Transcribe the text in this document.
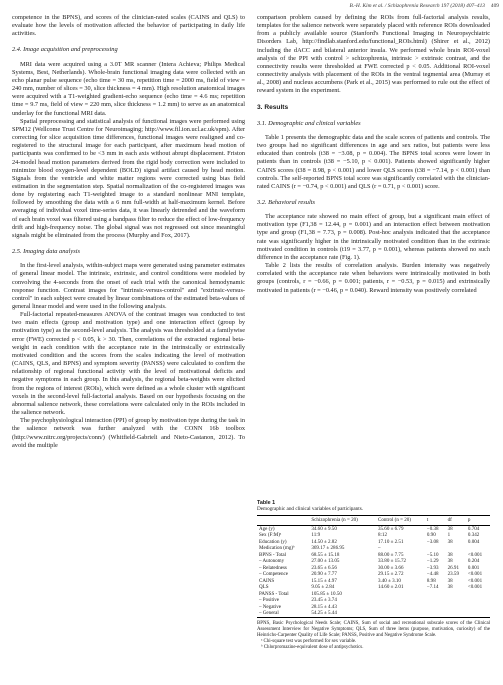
B.-H. Kim et al. / Schizophrenia Research 197 (2018) 407–413 409

competence in the BPNS), and scores of the clinician-rated scales (CAINS and QLS) to evaluate how the levels of motivation affected the behavior of participating in daily life activities.

2.4. Image acquisition and preprocessing

MRI data were acquired using a 3.0T MR scanner (Intera Achieva; Philips Medical Systems, Best, Netherlands). Whole-brain functional imaging data were collected with an echo planar pulse sequence (echo time = 30 ms, repetition time = 2000 ms, field of view = 240 mm, number of slices = 30, slice thickness = 4 mm). High resolution anatomical images were acquired with a T1-weighted gradient-echo sequence (echo time = 4.6 ms; repetition time = 9.7 ms, field of view = 220 mm, slice thickness = 1.2 mm) to serve as an anatomical underlay for the functional MRI data.

Spatial preprocessing and statistical analysis of functional images were performed using SPM12 (Wellcome Trust Centre for Neuroimaging; http://www.fil.ion.ucl.ac.uk/spm). After correcting for slice acquisition time differences, functional images were realigned and co-registered to the structural image for each participant, after maximum head motion of participants was confirmed to be <3 mm in each axis without abrupt displacement. Friston 24-model head motion parameters derived from the rigid body correction were included to minimize blood oxygen-level dependent (BOLD) signal artifact caused by head motion. Signals from the ventricle and white matter regions were corrected using bias field estimation in the segmentation step. Spatial normalization of the co-registered images was done by registering each T1-weighted image to a standard nonlinear MNI template, followed by smoothing the data with a 6 mm full-width at half-maximum kernel. Before averaging of individual voxel time-series data, it was linearly detrended and the waveform of each brain voxel was filtered using a bandpass filter to reduce the effect of low-frequency drift and high-frequency noise. The global signal was not regressed out since meaningful signals might be eliminated from the process (Murphy and Fox, 2017).

2.5. Imaging data analysis

In the first-level analysis, within-subject maps were generated using parameter estimates of general linear model. The intrinsic, extrinsic, and control conditions were modeled by convolving the 4-seconds from the onset of each trial with the canonical hemodynamic response function. Contrast images for "intrinsic-versus-control" and "extrinsic-versus-control" in each subject were created by linear combinations of the estimated beta-values of general linear model and were used in the following analysis.

Full-factorial repeated-measures ANOVA of the contrast images was conducted to test two main effects (group and motivation type) and one interaction effect (group by motivation type) as the second-level analysis. The analysis was thresholded at a familywise error (FWE) corrected p < 0.05, k > 30. Then, correlations of the extracted regional beta-weight in each condition with the acceptance rate in the intrinsically or extrinsically motivated condition and the scores from the scales indicating the level of motivation (CAINS, QLS, and BPNS) and symptom severity (PANSS) were calculated to confirm the relationship of regional functional activity with the level of motivational deficits and negative symptoms in each group. In this analysis, the regional beta-weights were elicited from the regions of interest (ROIs), which were defined as a whole cluster with significant voxels in the second-level full-factorial analysis. Based on our hypothesis focusing on the abnormal salience network, these correlations were calculated only in the ROIs included in the salience network.

The psychophysiological interaction (PPI) of group by motivation type during the task in the salience network was further analyzed with the CONN 16b toolbox (http://www.nitrc.org/projects/conn/) (Whitfield-Gabrieli and Nieto-Castanon, 2012). To avoid the multiple

comparison problem caused by defining the ROIs from full-factorial analysis results, templates for the salience network were separately placed with reference ROIs downloaded from a publicly available source (Stanford's Functional Imaging in Neuropsychiatric Disorders Lab, http://findlab.stanford.edu/functional_ROIs.html) (Shirer et al., 2012) including the dACC and bilateral anterior insula. We performed whole brain ROI-voxel analysis of the PPI with control > schizophrenia, intrinsic > extrinsic contrast, and the connectivity results were thresholded at FWE corrected p < 0.05. Additional ROI-voxel connectivity analysis with placement of the ROIs in the ventral tegmental area (Murray et al., 2008) and nucleus accumbens (Park et al., 2015) was performed to rule out the effect of reward system in the experiment.

3. Results
3.1. Demographic and clinical variables

Table 1 presents the demographic data and the scale scores of patients and controls. The two groups had no significant differences in age and sex ratios, but patients were less educated than controls (t38 = −3.08, p = 0.004). The BPNS total scores were lower in patients than in controls (t38 = −5.10, p < 0.001). Patients showed significantly higher CAINS scores (t38 = 8.98, p < 0.001) and lower QLS scores (t38 = −7.14, p < 0.001) than controls. The self-reported BPNS total score was significantly correlated with the clinician-rated CAINS (r = −0.74, p < 0.001) and QLS (r = 0.71, p < 0.001) score.

3.2. Behavioral results

The acceptance rate showed no main effect of group, but a significant main effect of motivation type (F1,38 = 12.44, p = 0.001) and an interaction effect between motivation type and group (F1,38 = 7.73, p = 0.008). Post-hoc analysis indicated that the acceptance rate was significantly higher in the intrinsically motivated condition than in the extrinsic motivated condition in controls (t19 = 3.77, p = 0.001), whereas patients showed no such difference in the acceptance rate (Fig. 1).

Table 2 lists the results of correlation analysis. Burden intensity was negatively correlated with the acceptance rate when behaviors were intrinsically motivated in both groups (controls, r = −0.66, p = 0.001; patients, r = −0.53, p = 0.015) and extrinsically motivated in patients (r = −0.46, p = 0.040). Reward intensity was positively correlated

Table 1
Demographic and clinical variables of participants.
	Schizophrenia (n = 20)	Control (n = 20)	t	df	p
Age (y)	34.60 ± 9.50	35.60 ± 6.79	−0.38	38	0.704
Sex (F:M)ᵃ	11:9	8:12	0.90	1	0.342
Education (y)	14.50 ± 2.82	17.10 ± 2.51	−3.08	38	0.004
Medication (mg)ᵇ	369.17 ± 286.95	–			
BPNS - Total	68.55 ± 15.18	88.00 ± 7.75	−5.10	38	<0.001
– Autonomy	27.00 ± 13.05	33.80 ± 15.72	−1.29	38	0.204
– Relatedness	23.65 ± 6.56	30.00 ± 3.66	−3.93	26.91	0.001
– Competence	20.90 ± 7.77	29.15 ± 2.72	−4.48	23.59	<0.001
CAINS	15.15 ± 4.97	3.40 ± 3.10	8.98	38	<0.001
QLS	9.05 ± 2.84	14.60 ± 2.01	−7.14	38	<0.001
PANSS - Total	105.85 ± 10.50				
– Positive	23.45 ± 3.74				
– Negative	28.15 ± 4.43				
– General	54.25 ± 5.44				
BPNS, Basic Psychological Needs Scale; CAINS, Sum of social and recreational subscale scores of the Clinical Assessment Interview for Negative Symptoms; QLS, Sum of three items (purpose, motivation, curiosity) of the Heinrichs-Carpenter Quality of Life Scale; PANSS, Positive and Negative Syndrome Scale.
ᵃ Chi-square test was performed for sex variable.
ᵇ Chlorpromazine-equivalent dose of antipsychotics.
